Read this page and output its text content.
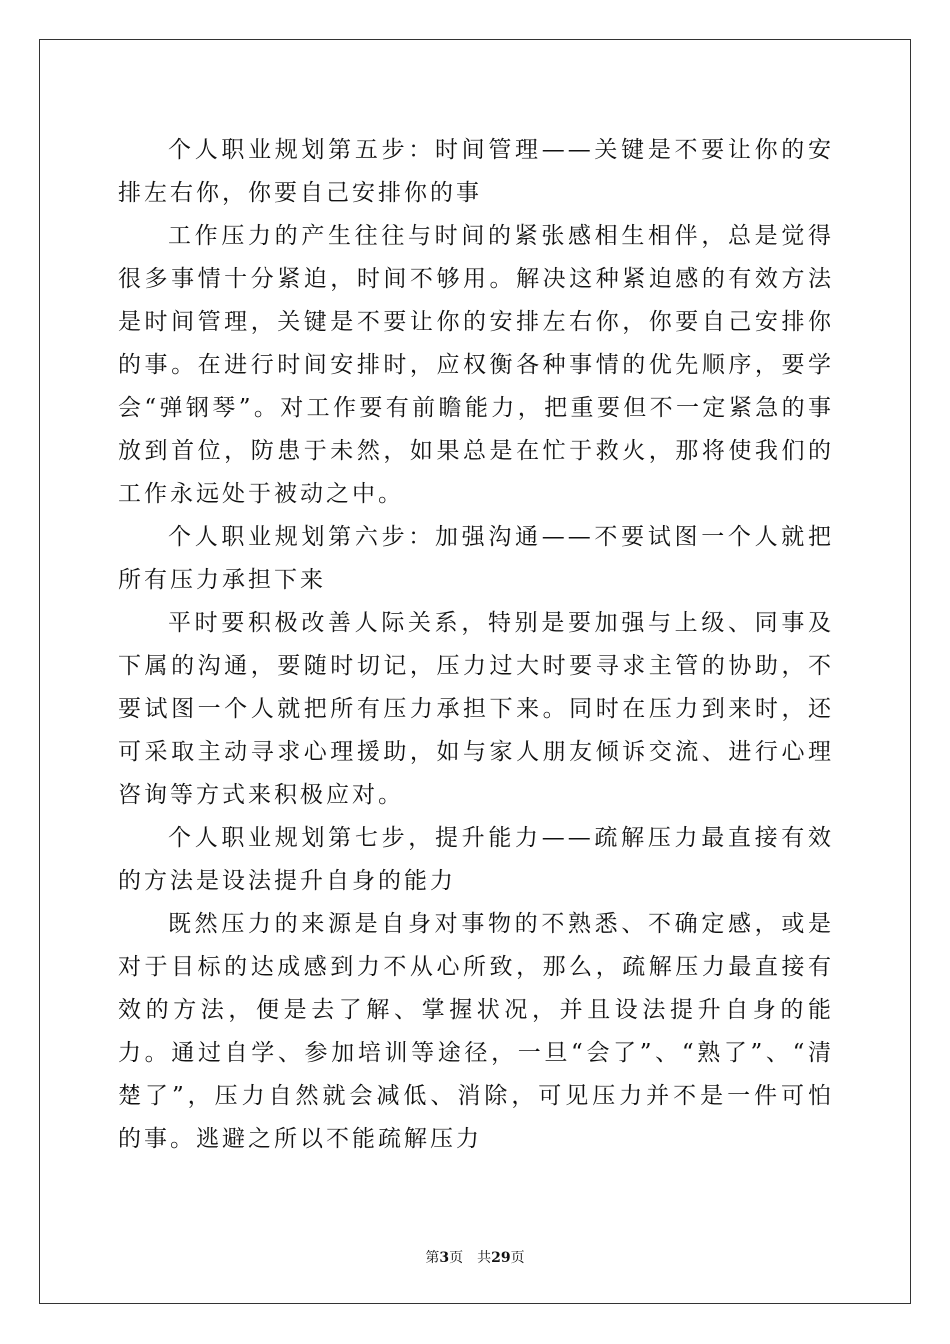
个人职业规划第五步：时间管理——关键是不要让你的安排左右你，你要自己安排你的事

工作压力的产生往往与时间的紧张感相生相伴，总是觉得很多事情十分紧迫，时间不够用。解决这种紧迫感的有效方法是时间管理，关键是不要让你的安排左右你，你要自己安排你的事。在进行时间安排时，应权衡各种事情的优先顺序，要学会“弹钢琴”。对工作要有前瞻能力，把重要但不一定紧急的事放到首位，防患于未然，如果总是在忙于救火，那将使我们的工作永远处于被动之中。

个人职业规划第六步：加强沟通——不要试图一个人就把所有压力承担下来

平时要积极改善人际关系，特别是要加强与上级、同事及下属的沟通，要随时切记，压力过大时要寻求主管的协助，不要试图一个人就把所有压力承担下来。同时在压力到来时，还可采取主动寻求心理援助，如与家人朋友倾诉交流、进行心理咨询等方式来积极应对。

个人职业规划第七步，提升能力——疏解压力最直接有效的方法是设法提升自身的能力

既然压力的来源是自身对事物的不熟悉、不确定感，或是对于目标的达成感到力不从心所致，那么，疏解压力最直接有效的方法，便是去了解、掌握状况，并且设法提升自身的能力。通过自学、参加培训等途径，一旦“会了”、“熟了”、“清楚了”，压力自然就会减低、消除，可见压力并不是一件可怕的事。逃避之所以不能疏解压力

第3页 共29页
